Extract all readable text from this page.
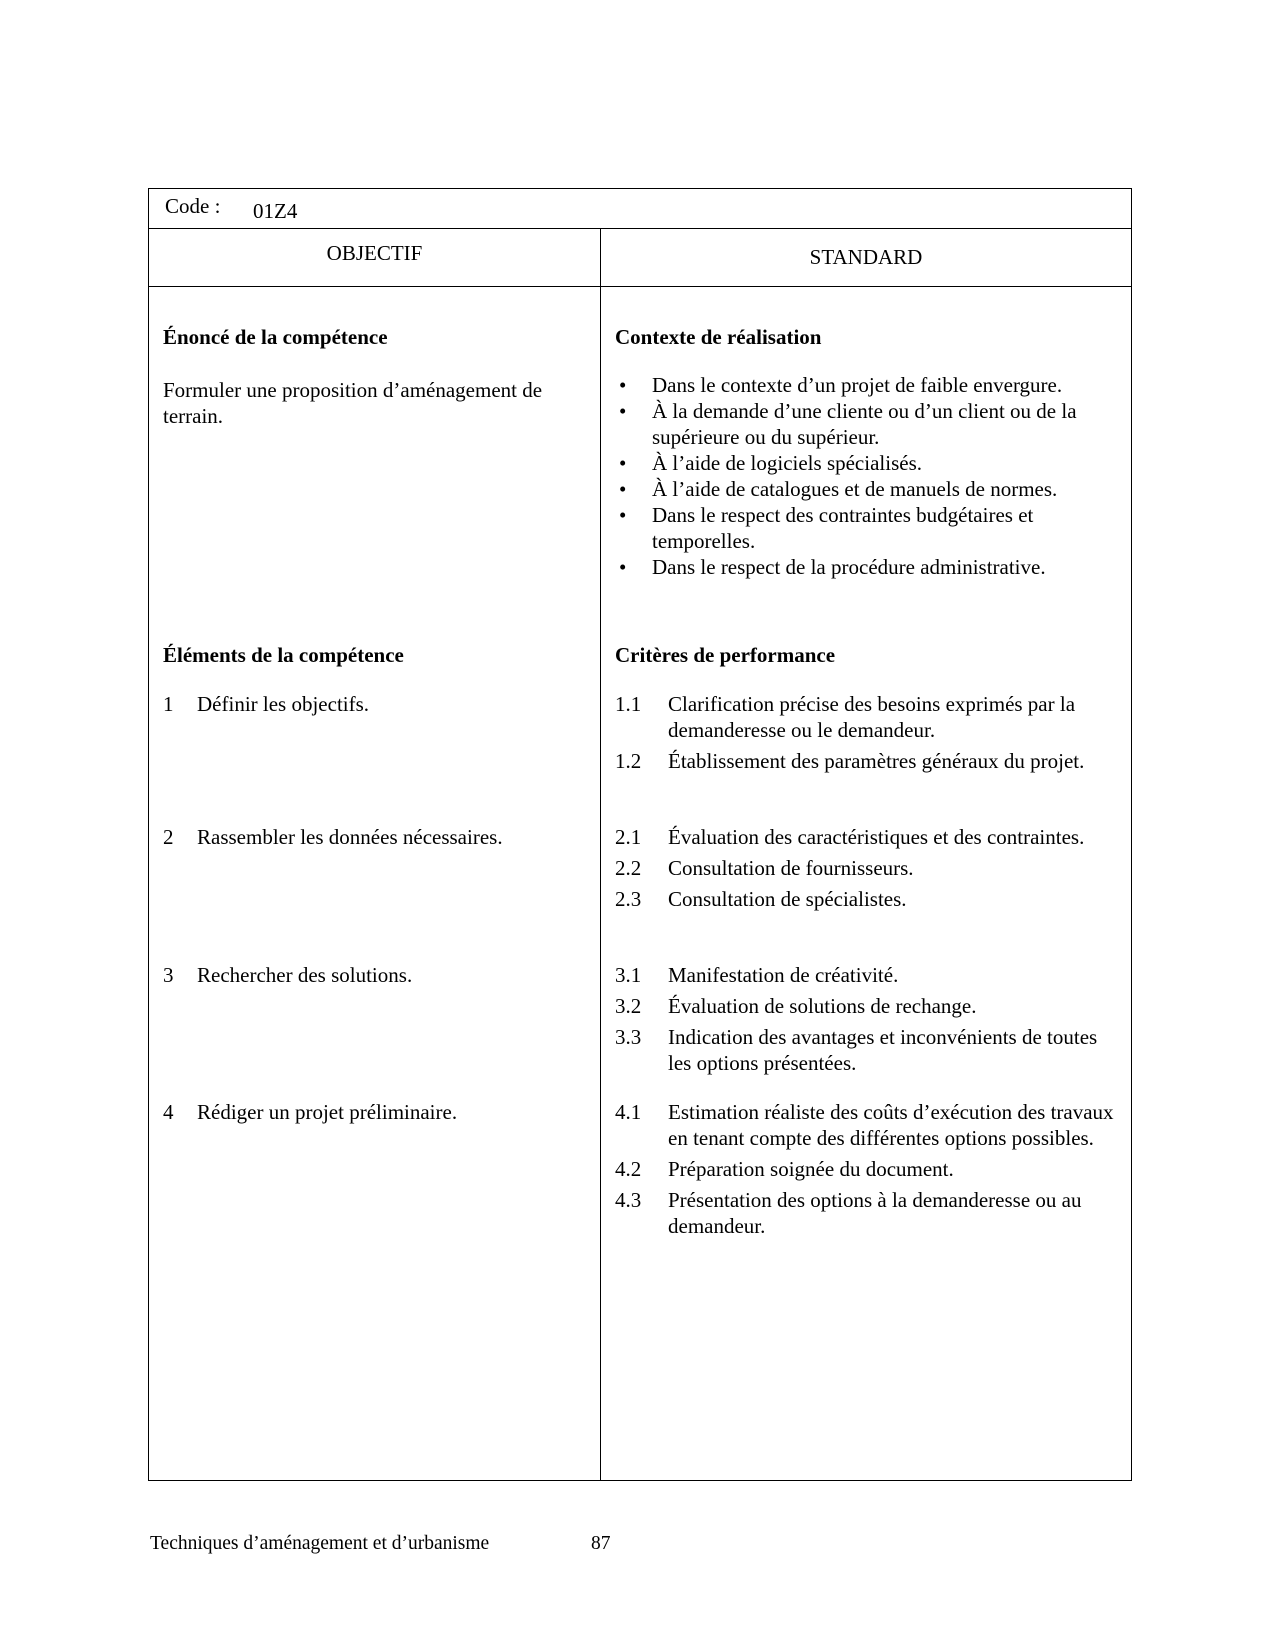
Code : 01Z4
OBJECTIF	STANDARD
Énoncé de la compétence
Formuler une proposition d’aménagement de terrain.
Éléments de la compétence
1 Définir les objectifs.
2 Rassembler les données nécessaires.
3 Rechercher des solutions.
4 Rédiger un projet préliminaire.
Contexte de réalisation
• Dans le contexte d’un projet de faible envergure.
• À la demande d’une cliente ou d’un client ou de la supérieure ou du supérieur.
• À l’aide de logiciels spécialisés.
• À l’aide de catalogues et de manuels de normes.
• Dans le respect des contraintes budgétaires et temporelles.
• Dans le respect de la procédure administrative.
Critères de performance
1.1 Clarification précise des besoins exprimés par la demanderesse ou le demandeur.
1.2 Établissement des paramètres généraux du projet.
2.1 Évaluation des caractéristiques et des contraintes.
2.2 Consultation de fournisseurs.
2.3 Consultation de spécialistes.
3.1 Manifestation de créativité.
3.2 Évaluation de solutions de rechange.
3.3 Indication des avantages et inconvénients de toutes les options présentées.
4.1 Estimation réaliste des coûts d’exécution des travaux en tenant compte des différentes options possibles.
4.2 Préparation soignée du document.
4.3 Présentation des options à la demanderesse ou au demandeur.
Techniques d’aménagement et d’urbanisme	87
